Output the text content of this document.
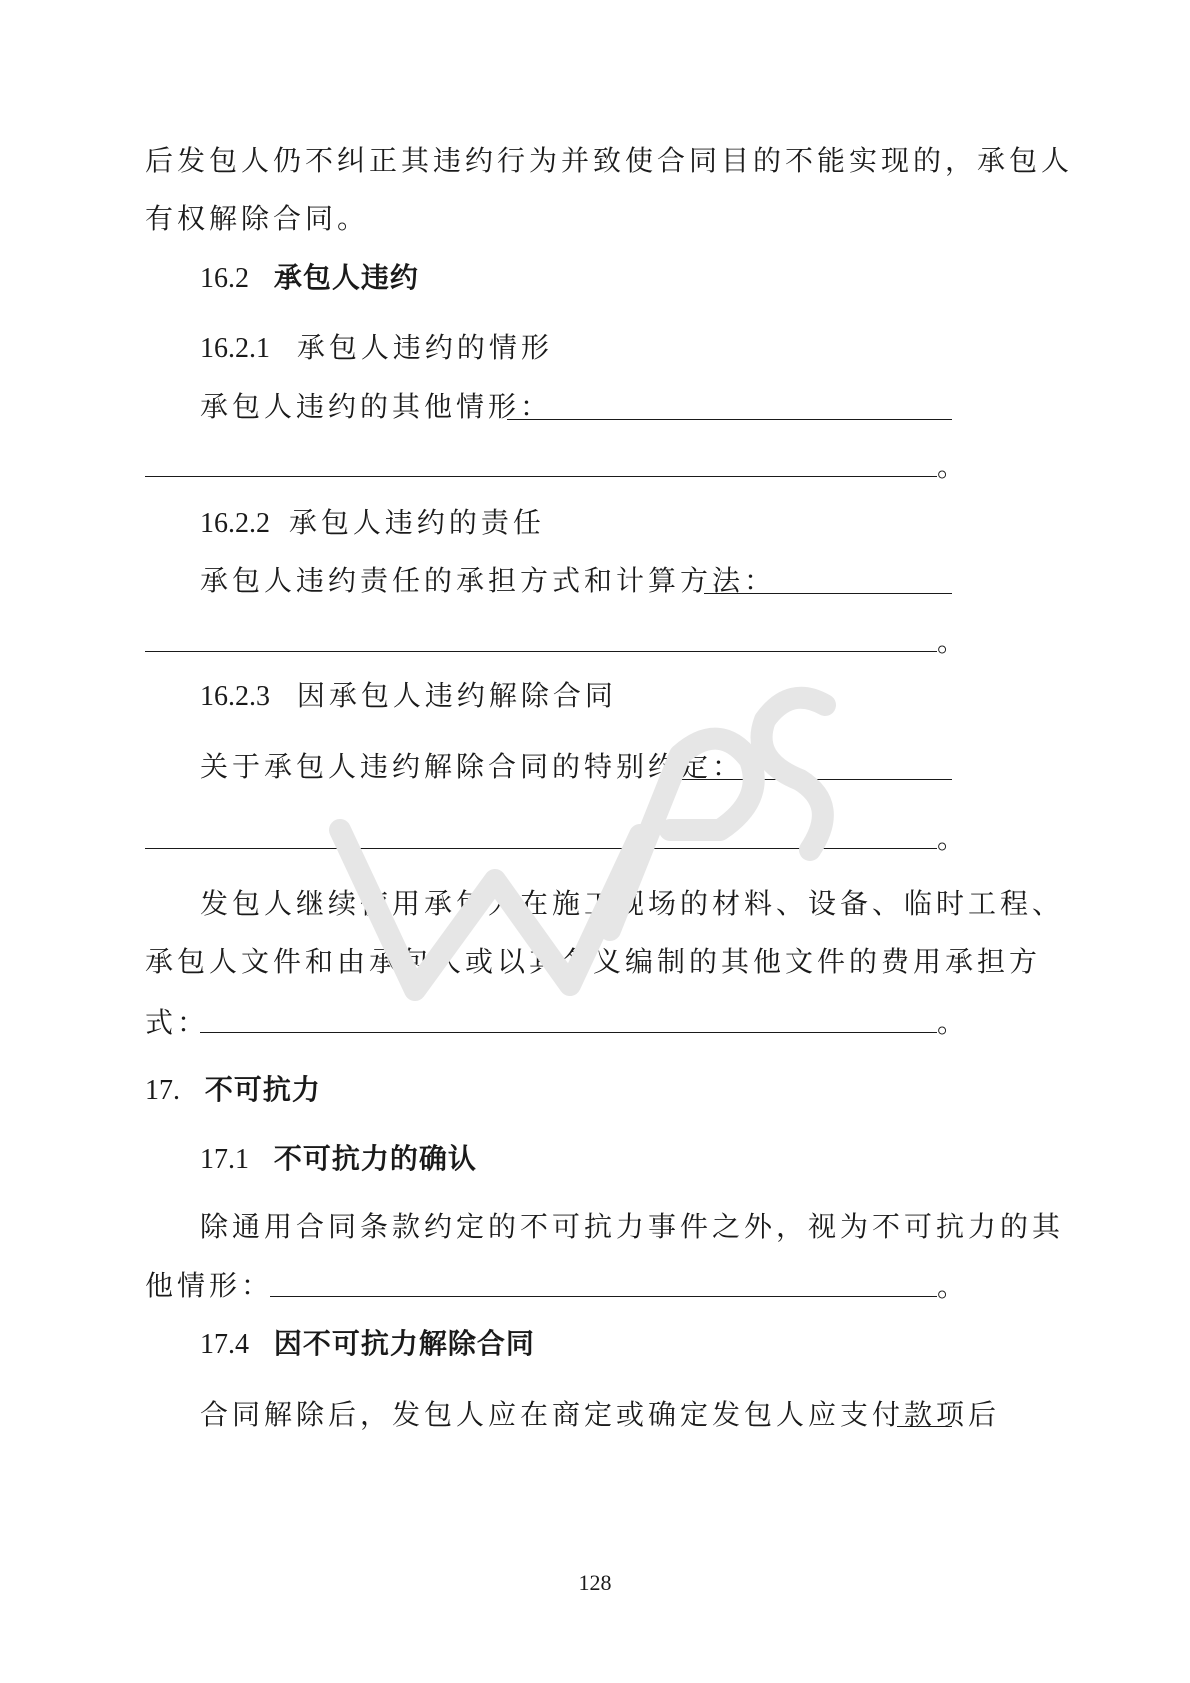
后发包人仍不纠正其违约行为并致使合同目的不能实现的，承包人
有权解除合同。
16.2 承包人违约
16.2.1 承包人违约的情形
承包人违约的其他情形：
。
16.2.2 承包人违约的责任
承包人违约责任的承担方式和计算方法：
。
16.2.3 因承包人违约解除合同
关于承包人违约解除合同的特别约定：
。
发包人继续使用承包人在施工现场的材料、设备、临时工程、
承包人文件和由承包人或以其名义编制的其他文件的费用承担方
式：	。
17. 不可抗力
17.1 不可抗力的确认
除通用合同条款约定的不可抗力事件之外，视为不可抗力的其
他情形：	。
17.4 因不可抗力解除合同
合同解除后，发包人应在商定或确定发包人应支付款项后
128
